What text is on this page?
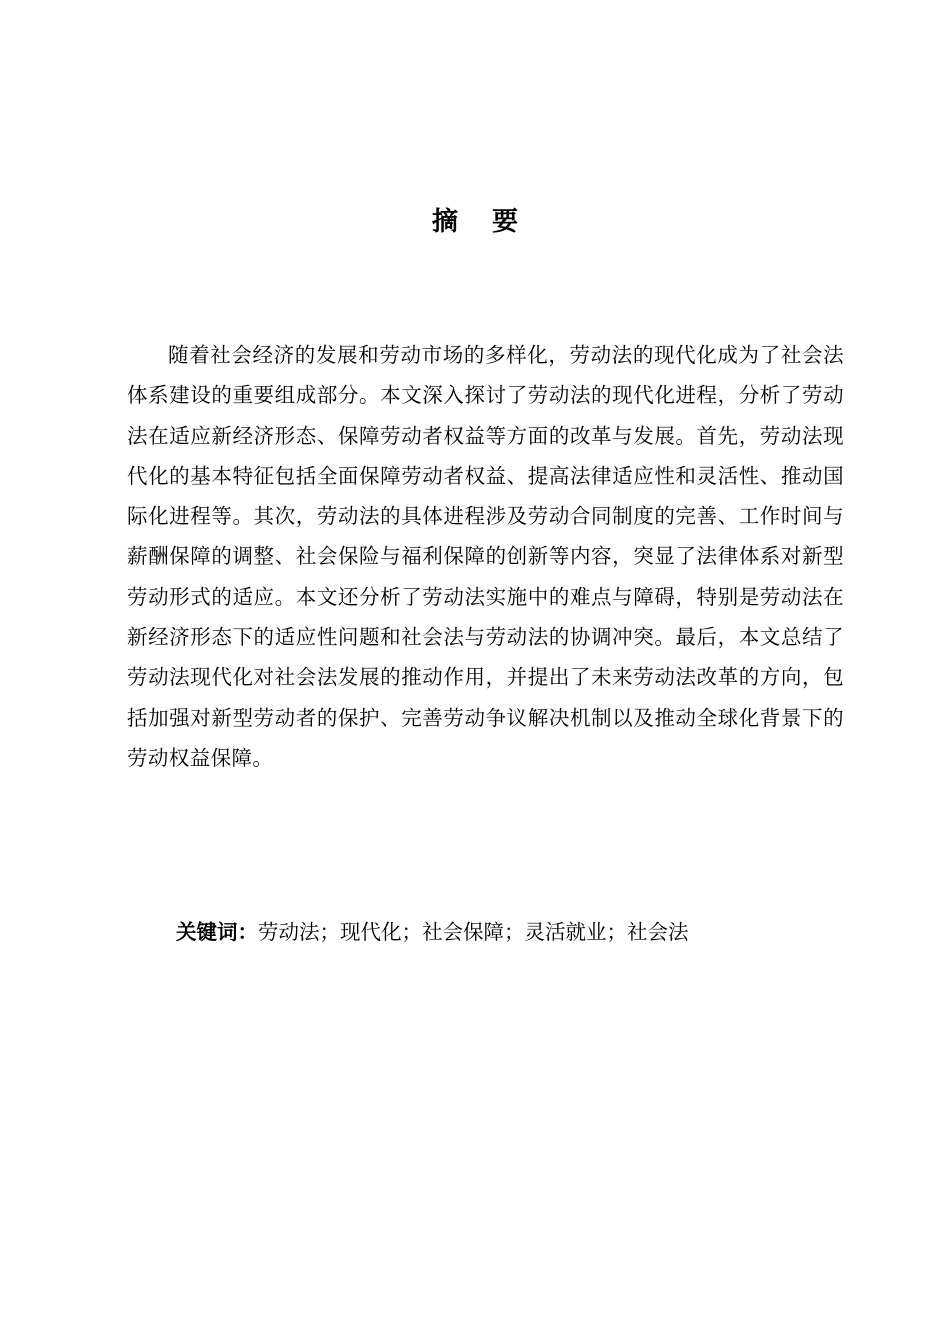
摘 要

随着社会经济的发展和劳动市场的多样化，劳动法的现代化成为了社会法体系建设的重要组成部分。本文深入探讨了劳动法的现代化进程，分析了劳动法在适应新经济形态、保障劳动者权益等方面的改革与发展。首先，劳动法现代化的基本特征包括全面保障劳动者权益、提高法律适应性和灵活性、推动国际化进程等。其次，劳动法的具体进程涉及劳动合同制度的完善、工作时间与薪酬保障的调整、社会保险与福利保障的创新等内容，突显了法律体系对新型劳动形式的适应。本文还分析了劳动法实施中的难点与障碍，特别是劳动法在新经济形态下的适应性问题和社会法与劳动法的协调冲突。最后，本文总结了劳动法现代化对社会法发展的推动作用，并提出了未来劳动法改革的方向，包括加强对新型劳动者的保护、完善劳动争议解决机制以及推动全球化背景下的劳动权益保障。

关键词：劳动法；现代化；社会保障；灵活就业；社会法
